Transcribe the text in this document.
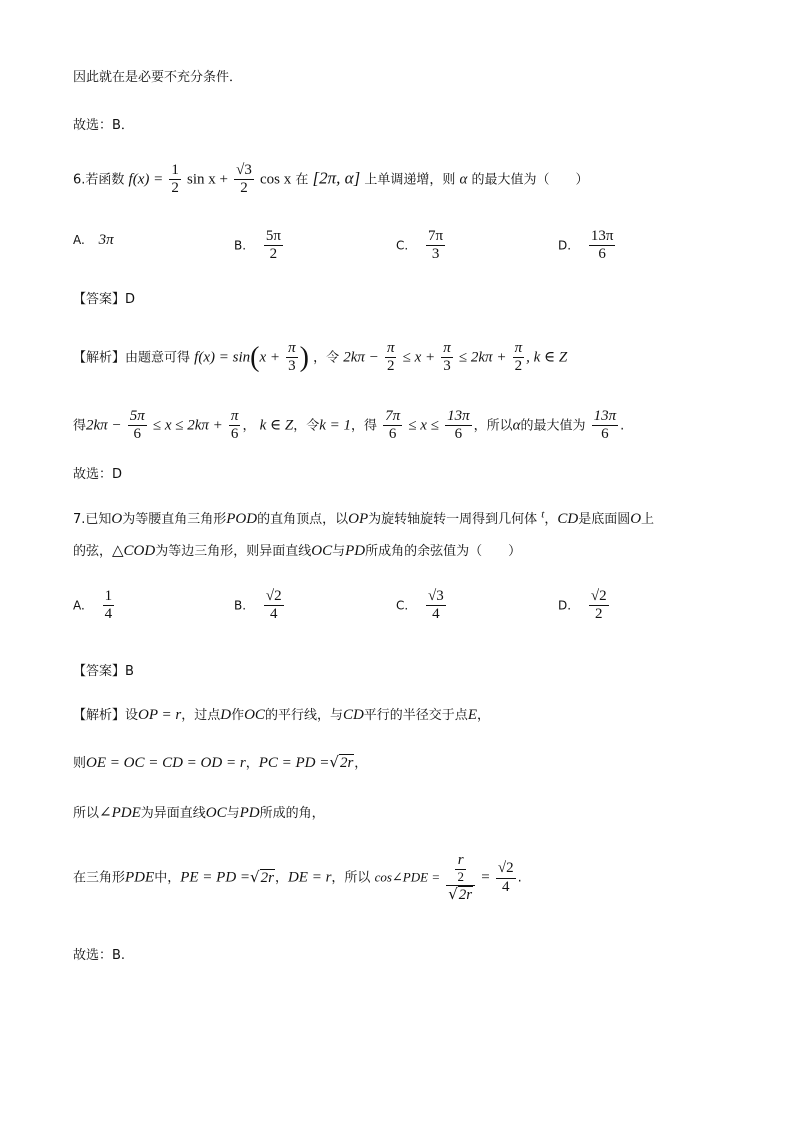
因此就在是必要不充分条件．
故选：B．
6.若函数 $f(x) = \frac{1}{2}$ $\sin x + \frac{√3}{2}$ cos x 在 [2π, α] 上单调递增，则 α 的最大值为（　　）
A. 3π	B. $\frac{5\pi}{2}$	C. $\frac{7\pi}{3}$	D. $\frac{13\pi}{6}$
【答案】D
【解析】由题意可得 $f(x) = \sin(x + \frac{\pi}{3}$ ) ，令 $2k\pi - \frac{\pi}{2} \le x + \frac{\pi}{3} \le 2k\pi + \frac{\pi}{2}$ , k ∈ Z
得$2k\pi - \frac{5\pi}{6} \le x \le 2k\pi + \frac{\pi}{6}$ ， k ∈ Z，令k = 1，得 $\frac{7\pi}{6} \le x \le \frac{13\pi}{6}$ ，所以α的最大值为 $\frac{13\pi}{6}$ .
故选：D
7.已知O为等腰直角三角形POD的直角顶点，以OP为旋转轴旋转一周得到几何体 $^t$，CD是底面圆O上
的弦，△COD为等边三角形，则异面直线OC与PD所成角的余弦值为（　　）
A. $\frac{1}{4}$	B. $\frac{√2}{4}$	C. $\frac{√3}{4}$	D. $\frac{√2}{2}$
【答案】B
【解析】设OP = r，过点D作OC的平行线，与CD平行的半径交于点E，
则OE = OC = CD = OD = r，PC = PD =√2r，
所以∠PDE为异面直线OC与PD所成的角，
在三角形PDE中，PE = PD =√2r，DE = r，所以 cos∠PDE = $\frac{\frac{r}{2}}{√2r} = \frac{√2}{4}$ .
故选：B.
